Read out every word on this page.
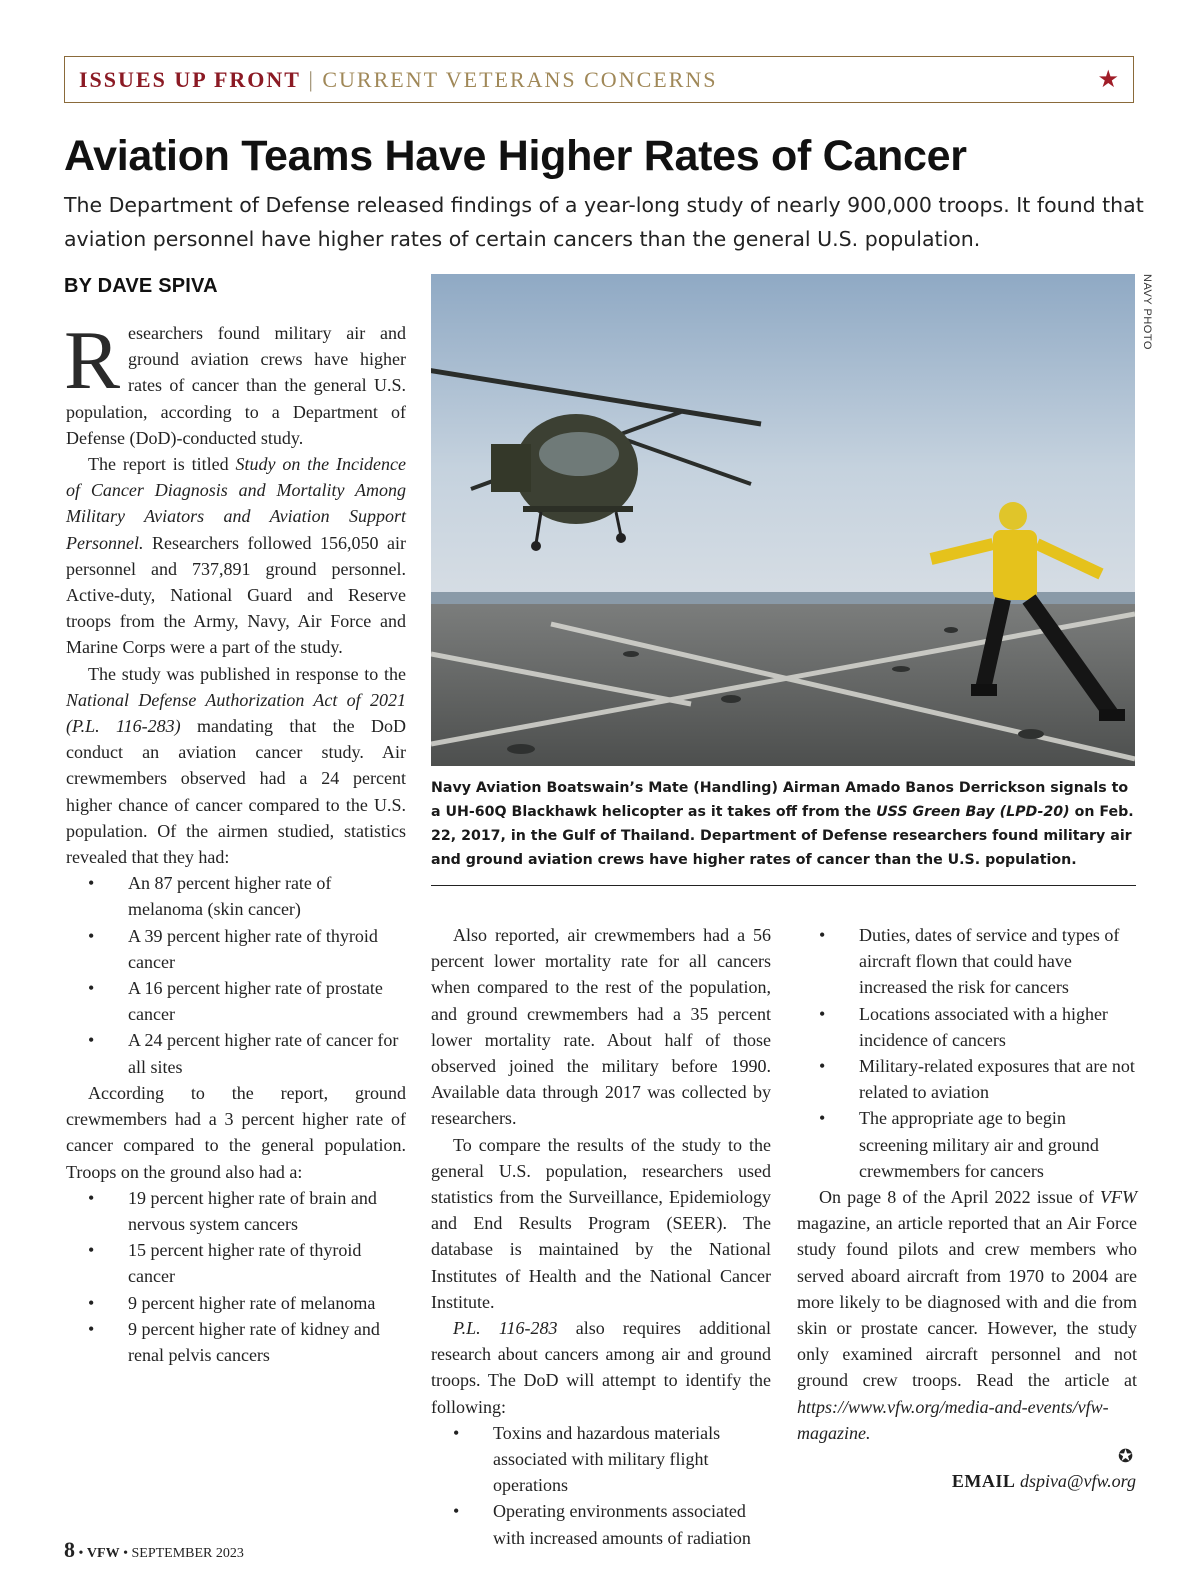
ISSUES UP FRONT | CURRENT VETERANS CONCERNS	★
Aviation Teams Have Higher Rates of Cancer
The Department of Defense released findings of a year-long study of nearly 900,000 troops. It found that aviation personnel have higher rates of certain cancers than the general U.S. population.
BY DAVE SPIVA	NAVY PHOTO
Navy Aviation Boatswain’s Mate (Handling) Airman Amado Banos Derrickson signals to a UH-60Q Blackhawk helicopter as it takes off from the USS Green Bay (LPD-20) on Feb. 22, 2017, in the Gulf of Thailand. Department of Defense researchers found military air and ground aviation crews have higher rates of cancer than the U.S. population.

Researchers found military air and ground aviation crews have higher rates of cancer than the general U.S. population, according to a Department of Defense (DoD)-conducted study.

The report is titled Study on the Incidence of Cancer Diagnosis and Mortality Among Military Aviators and Aviation Support Personnel. Researchers followed 156,050 air personnel and 737,891 ground personnel. Active-duty, National Guard and Reserve troops from the Army, Navy, Air Force and Marine Corps were a part of the study.

The study was published in response to the National Defense Authorization Act of 2021 (P.L. 116-283) mandating that the DoD conduct an aviation cancer study. Air crewmembers observed had a 24 percent higher chance of cancer compared to the U.S. population. Of the airmen studied, statistics revealed that they had:

• An 87 percent higher rate of melanoma (skin cancer)
• A 39 percent higher rate of thyroid cancer
• A 16 percent higher rate of prostate cancer
• A 24 percent higher rate of cancer for all sites

According to the report, ground crewmembers had a 3 percent higher rate of cancer compared to the general population. Troops on the ground also had a:

• 19 percent higher rate of brain and nervous system cancers
• 15 percent higher rate of thyroid cancer
• 9 percent higher rate of melanoma
• 9 percent higher rate of kidney and renal pelvis cancers

Also reported, air crewmembers had a 56 percent lower mortality rate for all cancers when compared to the rest of the population, and ground crewmembers had a 35 percent lower mortality rate. About half of those observed joined the military before 1990. Available data through 2017 was collected by researchers.

To compare the results of the study to the general U.S. population, researchers used statistics from the Surveillance, Epidemiology and End Results Program (SEER). The database is maintained by the National Institutes of Health and the National Cancer Institute.

P.L. 116-283 also requires additional research about cancers among air and ground troops. The DoD will attempt to identify the following:

• Toxins and hazardous materials associated with military flight operations
• Operating environments associated with increased amounts of radiation
• Duties, dates of service and types of aircraft flown that could have increased the risk for cancers
• Locations associated with a higher incidence of cancers
• Military-related exposures that are not related to aviation
• The appropriate age to begin screening military air and ground crewmembers for cancers

On page 8 of the April 2022 issue of VFW magazine, an article reported that an Air Force study found pilots and crew members who served aboard aircraft from 1970 to 2004 are more likely to be diagnosed with and die from skin or prostate cancer. However, the study only examined aircraft personnel and not ground crew troops. Read the article at https://www.vfw.org/media-and-events/vfw-magazine.

✪
EMAIL dspiva@vfw.org
8 • VFW • SEPTEMBER 2023
